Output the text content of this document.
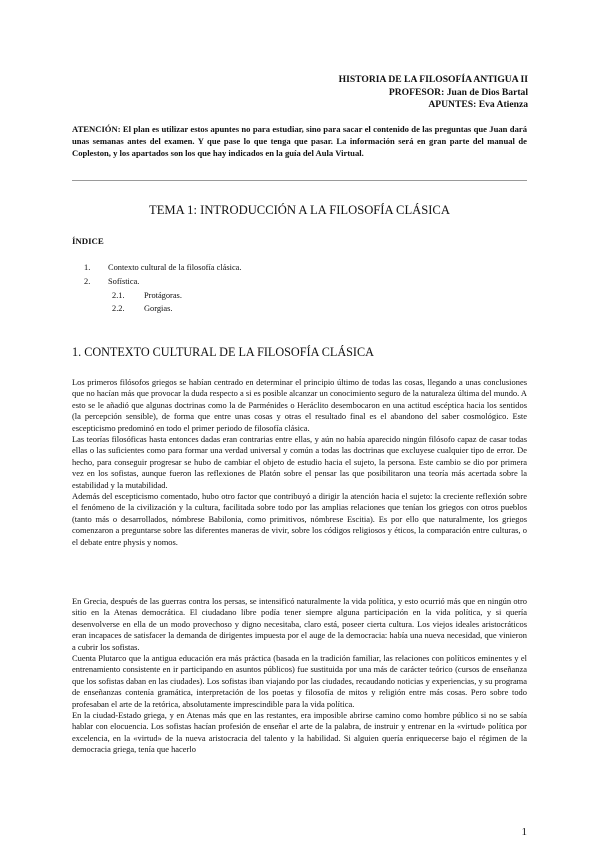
HISTORIA DE LA FILOSOFÍA ANTIGUA II
PROFESOR: Juan de Dios Bartal
APUNTES: Eva Atienza
ATENCIÓN: El plan es utilizar estos apuntes no para estudiar, sino para sacar el contenido de las preguntas que Juan dará unas semanas antes del examen. Y que pase lo que tenga que pasar. La información será en gran parte del manual de Copleston, y los apartados son los que hay indicados en la guía del Aula Virtual.
TEMA 1: INTRODUCCIÓN A LA FILOSOFÍA CLÁSICA
ÍNDICE
1. Contexto cultural de la filosofía clásica.
2. Sofística.
2.1. Protágoras.
2.2. Gorgias.
1. CONTEXTO CULTURAL DE LA FILOSOFÍA CLÁSICA

Los primeros filósofos griegos se habían centrado en determinar el principio último de todas las cosas, llegando a unas conclusiones que no hacían más que provocar la duda respecto a si es posible alcanzar un conocimiento seguro de la naturaleza última del mundo. A esto se le añadió que algunas doctrinas como la de Parménides o Heráclito desembocaron en una actitud escéptica hacia los sentidos (la percepción sensible), de forma que entre unas cosas y otras el resultado final es el abandono del saber cosmológico. Este escepticismo predominó en todo el primer periodo de filosofía clásica.

Las teorías filosóficas hasta entonces dadas eran contrarias entre ellas, y aún no había aparecido ningún filósofo capaz de casar todas ellas o las suficientes como para formar una verdad universal y común a todas las doctrinas que excluyese cualquier tipo de error. De hecho, para conseguir progresar se hubo de cambiar el objeto de estudio hacia el sujeto, la persona. Este cambio se dio por primera vez en los sofistas, aunque fueron las reflexiones de Platón sobre el pensar las que posibilitaron una teoría más acertada sobre la estabilidad y la mutabilidad.

Además del escepticismo comentado, hubo otro factor que contribuyó a dirigir la atención hacia el sujeto: la creciente reflexión sobre el fenómeno de la civilización y la cultura, facilitada sobre todo por las amplias relaciones que tenían los griegos con otros pueblos (tanto más o desarrollados, nómbrese Babilonia, como primitivos, nómbrese Escitia). Es por ello que naturalmente, los griegos comenzaron a preguntarse sobre las diferentes maneras de vivir, sobre los códigos religiosos y éticos, la comparación entre culturas, o el debate entre physis y nomos.

En Grecia, después de las guerras contra los persas, se intensificó naturalmente la vida política, y esto ocurrió más que en ningún otro sitio en la Atenas democrática. El ciudadano libre podía tener siempre alguna participación en la vida política, y si quería desenvolverse en ella de un modo provechoso y digno necesitaba, claro está, poseer cierta cultura. Los viejos ideales aristocráticos eran incapaces de satisfacer la demanda de dirigentes impuesta por el auge de la democracia: había una nueva necesidad, que vinieron a cubrir los sofistas.

Cuenta Plutarco que la antigua educación era más práctica (basada en la tradición familiar, las relaciones con políticos eminentes y el entrenamiento consistente en ir participando en asuntos públicos) fue sustituida por una más de carácter teórico (cursos de enseñanza que los sofistas daban en las ciudades). Los sofistas iban viajando por las ciudades, recaudando noticias y experiencias, y su programa de enseñanzas contenía gramática, interpretación de los poetas y filosofía de mitos y religión entre más cosas. Pero sobre todo profesaban el arte de la retórica, absolutamente imprescindible para la vida política.

En la ciudad-Estado griega, y en Atenas más que en las restantes, era imposible abrirse camino como hombre público si no se sabía hablar con elocuencia. Los sofistas hacían profesión de enseñar el arte de la palabra, de instruir y entrenar en la «virtud» política por excelencia, en la «virtud» de la nueva aristocracia del talento y la habilidad. Si alguien quería enriquecerse bajo el régimen de la democracia griega, tenía que hacerlo

1
